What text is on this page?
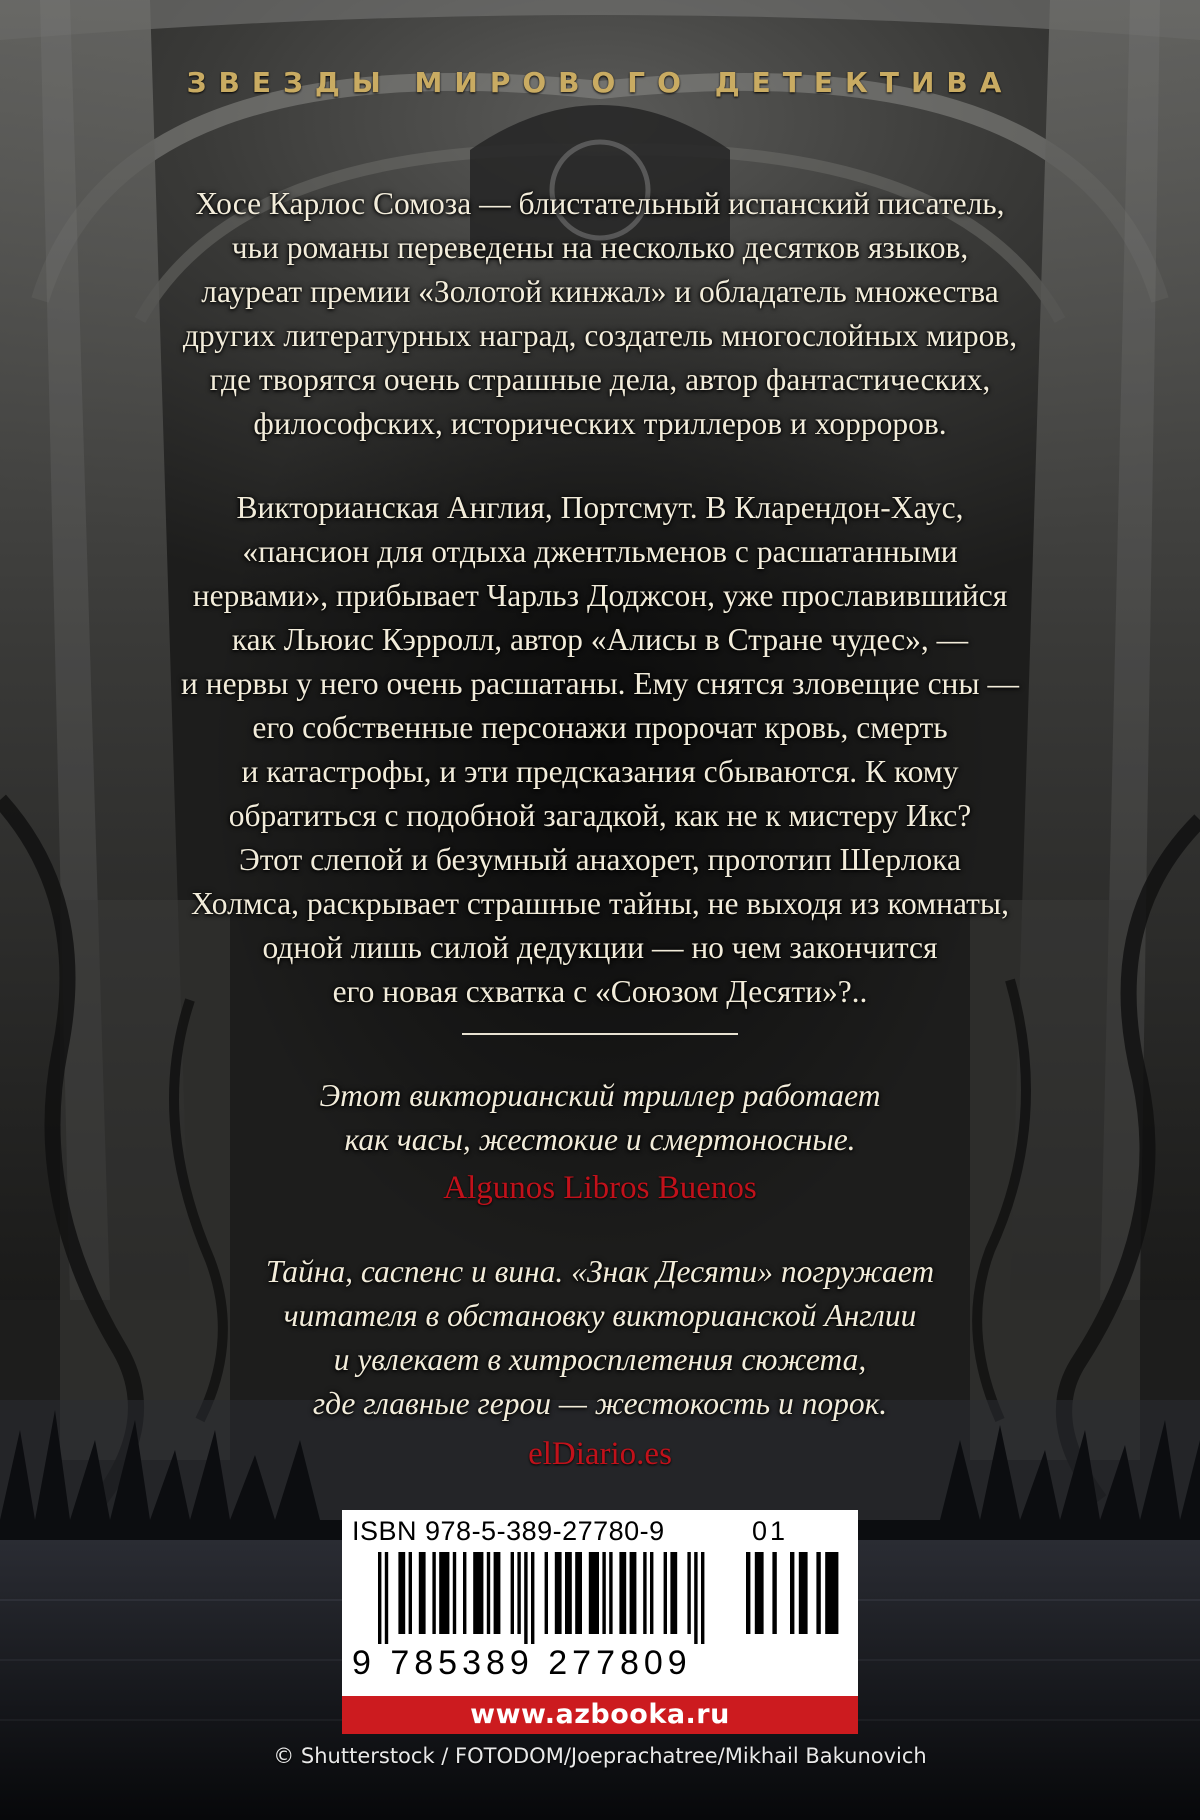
ЗВЕЗДЫ МИРОВОГО ДЕТЕКТИВА

Хосе Карлос Сомоза — блистательный испанский писатель,
чьи романы переведены на несколько десятков языков,
лауреат премии «Золотой кинжал» и обладатель множества
других литературных наград, создатель многослойных миров,
где творятся очень страшные дела, автор фантастических,
философских, исторических триллеров и хорроров.

Викторианская Англия, Портсмут. В Кларендон-Хаус,
«пансион для отдыха джентльменов с расшатанными
нервами», прибывает Чарльз Доджсон, уже прославившийся
как Льюис Кэрролл, автор «Алисы в Стране чудес», —
и нервы у него очень расшатаны. Ему снятся зловещие сны —
его собственные персонажи пророчат кровь, смерть
и катастрофы, и эти предсказания сбываются. К кому
обратиться с подобной загадкой, как не к мистеру Икс?
Этот слепой и безумный анахорет, прототип Шерлока
Холмса, раскрывает страшные тайны, не выходя из комнаты,
одной лишь силой дедукции — но чем закончится
его новая схватка с «Союзом Десяти»?..

Этот викторианский триллер работает
как часы, жестокие и смертоносные.

Algunos Libros Buenos

Тайна, саспенс и вина. «Знак Десяти» погружает
читателя в обстановку викторианской Англии
и увлекает в хитросплетения сюжета,
где главные герои — жестокость и порок.

elDiario.es
ISBN 978-5-389-27780-9	01
9 785389 277809
www.azbooka.ru
© Shutterstock / FOTODOM/Joeprachatree/Mikhail Bakunovich
